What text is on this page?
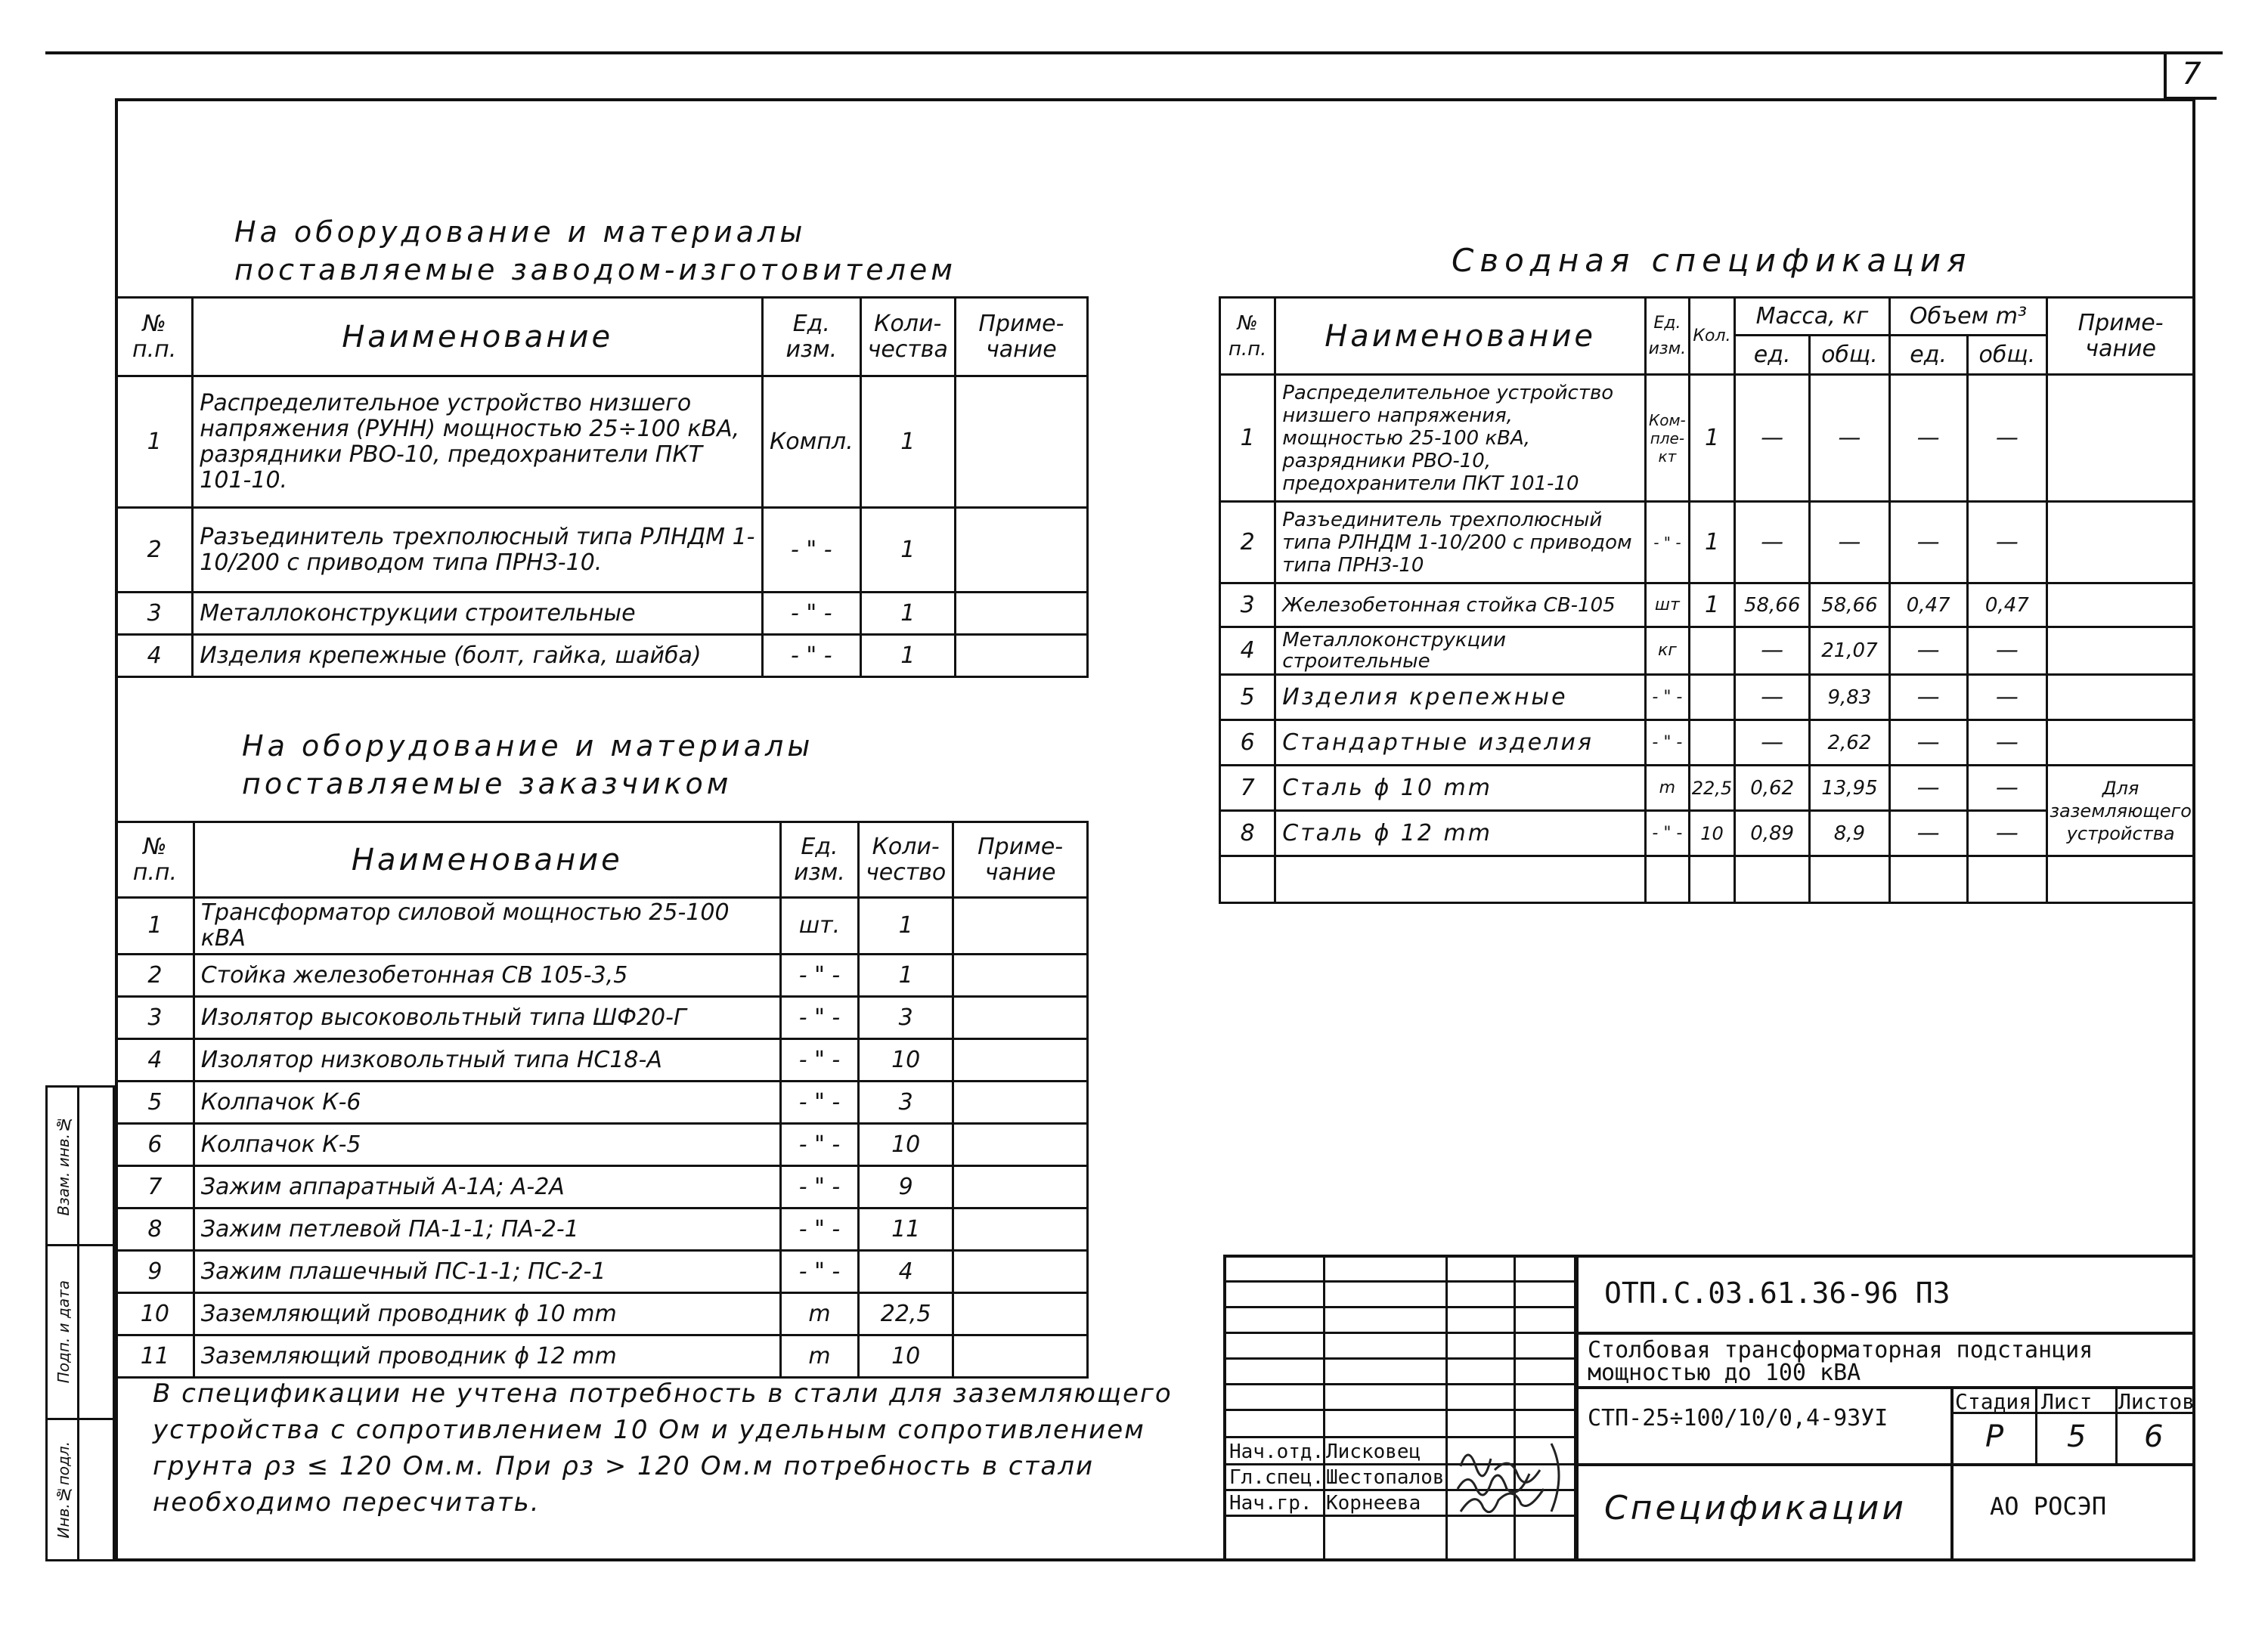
7
Взам. инв.№
Подп. и дата
Инв.№подл.
На оборудование и материалы
поставляемые заводом-изготовителем
№ п.п.	Наименование	Ед. изм.	Коли- чества	Приме- чание
1	Распределительное устройство низшего напряжения (РУНН) мощностью 25÷100 кВА, разрядники РВО-10, предохранители ПКТ 101-10.	Компл.	1	
2	Разъединитель трехполюсный типа РЛНДМ 1-10/200 с приводом типа ПРНЗ-10.	- " -	1	
3	Металлоконструкции строительные	- " -	1	
4	Изделия крепежные (болт, гайка, шайба)	- " -	1	
На оборудование и материалы
поставляемые заказчиком
№ п.п.	Наименование	Ед. изм.	Коли- чество	Приме- чание
1	Трансформатор силовой мощностью 25-100 кВА	шт.	1	
2	Стойка железобетонная СВ 105-3,5	- " -	1	
3	Изолятор высоковольтный типа ШФ20-Г	- " -	3	
4	Изолятор низковольтный типа НС18-А	- " -	10	
5	Колпачок К-6	- " -	3	
6	Колпачок К-5	- " -	10	
7	Зажим аппаратный А-1А; А-2А	- " -	9	
8	Зажим петлевой ПА-1-1; ПА-2-1	- " -	11	
9	Зажим плашечный ПС-1-1; ПС-2-1	- " -	4	
10	Заземляющий проводник ϕ 10 mm	m	22,5	
11	Заземляющий проводник ϕ 12 mm	m	10	
Сводная спецификация
№ п.п.	Наименование	Ед. изм.	Кол.	Масса, кг		Объем m³		Приме- чание
				ед.	общ.	ед.	общ.	
1	Распределительное устройство низшего напряжения, мощностью 25-100 кВА, разрядники РВО-10, предохранители ПКТ 101-10	Ком- пле- кт	1	—	—	—	—	
2	Разъединитель трехполюсный типа РЛНДМ 1-10/200 с приводом типа ПРНЗ-10	- " -	1	—	—	—	—	
3	Железобетонная стойка СВ-105	шт	1	58,66	58,66	0,47	0,47	
4	Металлоконструкции строительные	кг		—	21,07	—	—	
5	Изделия крепежные	- " -		—	9,83	—	—	
6	Стандартные изделия	- " -		—	2,62	—	—	
7	Сталь ϕ 10 mm	m	22,5	0,62	13,95	—	—	Для заземляющего устройства
8	Сталь ϕ 12 mm	- " -	10	0,89	8,9	—	—	

В спецификации не учтена потребность в стали для заземляющего устройства с сопротивлением 10 Ом и удельным сопротивлением грунта ρз ≤ 120 Ом.м. При ρз > 120 Ом.м потребность в стали необходимо пересчитать.
Нач.отд. Лисковец
Гл.спец. Шестопалов
Нач.гр. Корнеева
ОТП.С.03.61.36-96 ПЗ
Столбовая трансформаторная подстанция
мощностью до 100 кВА
СТП-25÷100/10/0,4-93УI
Спецификации
Стадия Лист Листов
Р 5 6
АО РОСЭП
